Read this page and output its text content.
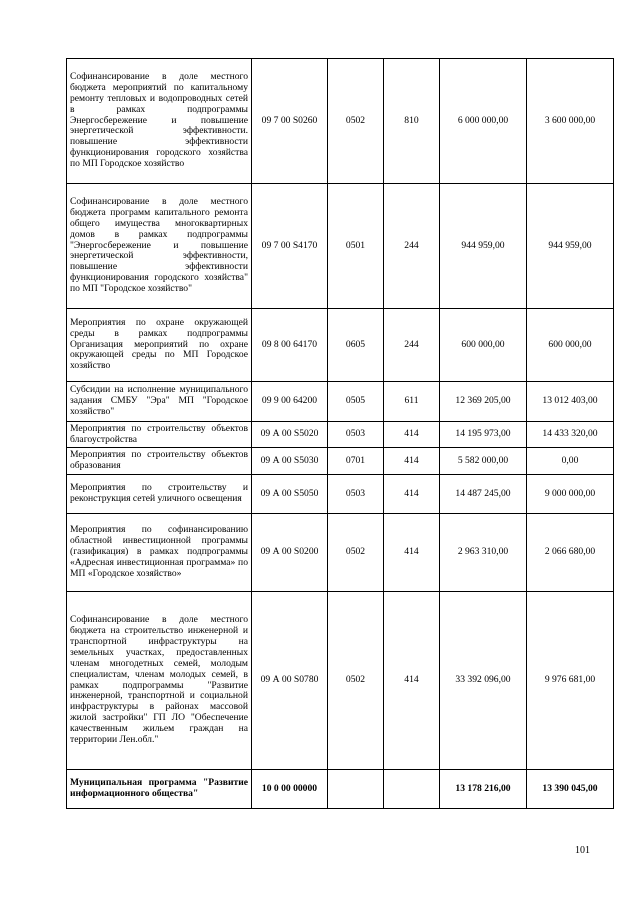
Софинансирование в доле местного бюджета мероприятий по капитальному ремонту тепловых и водопроводных сетей в рамках подпрограммы Энергосбережение и повышение энергетической эффективности. повышение эффективности функционирования городского хозяйства по МП Городское хозяйство	09 7 00 S0260	0502	810	6 000 000,00	3 600 000,00
Софинансирование в доле местного бюджета программ капитального ремонта общего имущества многоквартирных домов в рамках подпрограммы "Энергосбережение и повышение энергетической эффективности, повышение эффективности функционирования городского хозяйства" по МП "Городское хозяйство"	09 7 00 S4170	0501	244	944 959,00	944 959,00
Мероприятия по охране окружающей среды в рамках подпрограммы Организация мероприятий по охране окружающей среды по МП Городское хозяйство	09 8 00 64170	0605	244	600 000,00	600 000,00
Субсидии на исполнение муниципального задания СМБУ "Эра" МП "Городское хозяйство"	09 9 00 64200	0505	611	12 369 205,00	13 012 403,00
Мероприятия по строительству объектов благоустройства	09 А 00 S5020	0503	414	14 195 973,00	14 433 320,00
Мероприятия по строительству объектов образования	09 А 00 S5030	0701	414	5 582 000,00	0,00
Мероприятия по строительству и реконструкция сетей уличного освещения	09 А 00 S5050	0503	414	14 487 245,00	9 000 000,00
Мероприятия по софинансированию областной инвестиционной программы (газификация) в рамках подпрограммы «Адресная инвестиционная программа» по МП «Городское хозяйство»	09 А 00 S0200	0502	414	2 963 310,00	2 066 680,00
Софинансирование в доле местного бюджета на строительство инженерной и транспортной инфраструктуры на земельных участках, предоставленных членам многодетных семей, молодым специалистам, членам молодых семей, в рамках подпрограммы "Развитие инженерной, транспортной и социальной инфраструктуры в районах массовой жилой застройки" ГП ЛО "Обеспечение качественным жильем граждан на территории Лен.обл."	09 А 00 S0780	0502	414	33 392 096,00	9 976 681,00
Муниципальная программа "Развитие информационного общества"	10 0 00 00000			13 178 216,00	13 390 045,00
101
